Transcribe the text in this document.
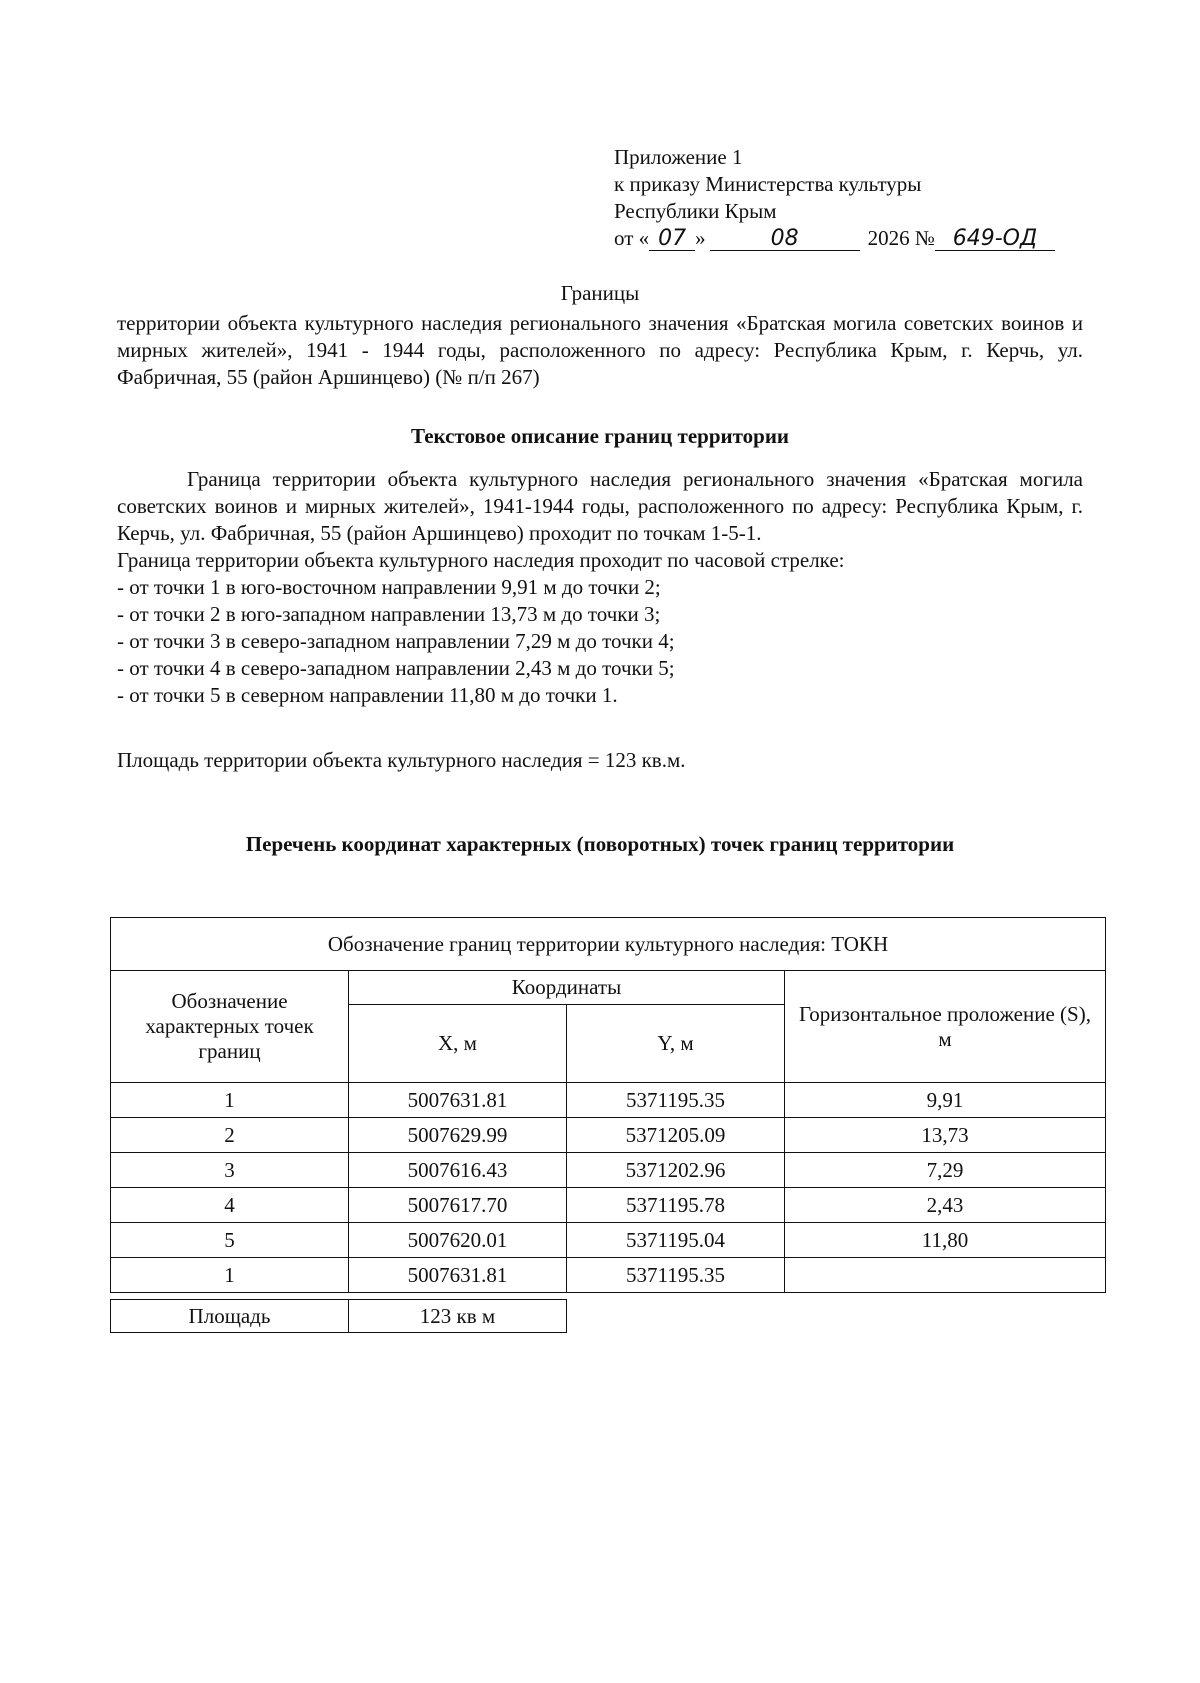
Приложение 1
к приказу Министерства культуры
Республики Крым
от « 07 »	08	2026 № 649-ОД
Границы
территории объекта культурного наследия регионального значения «Братская могила советских воинов и мирных жителей», 1941 - 1944 годы, расположенного по адресу: Республика Крым, г. Керчь, ул. Фабричная, 55 (район Аршинцево) (№ п/п 267)
Текстовое описание границ территории
Граница территории объекта культурного наследия регионального значения «Братская могила советских воинов и мирных жителей», 1941-1944 годы, расположенного по адресу: Республика Крым, г. Керчь, ул. Фабричная, 55 (район Аршинцево) проходит по точкам 1-5-1.
Граница территории объекта культурного наследия проходит по часовой стрелке:
- от точки 1 в юго-восточном направлении 9,91 м до точки 2;
- от точки 2 в юго-западном направлении 13,73 м до точки 3;
- от точки 3 в северо-западном направлении 7,29 м до точки 4;
- от точки 4 в северо-западном направлении 2,43 м до точки 5;
- от точки 5 в северном направлении 11,80 м до точки 1.
Площадь территории объекта культурного наследия = 123 кв.м.
Перечень координат характерных (поворотных) точек границ территории
Обозначение границ территории культурного наследия: ТОКН			
Обозначение характерных точек границ	Координаты		Горизонтальное проложение (S), м
	X, м	Y, м	
1	5007631.81	5371195.35	9,91
2	5007629.99	5371205.09	13,73
3	5007616.43	5371202.96	7,29
4	5007617.70	5371195.78	2,43
5	5007620.01	5371195.04	11,80
1	5007631.81	5371195.35	
Площадь	123 кв м
